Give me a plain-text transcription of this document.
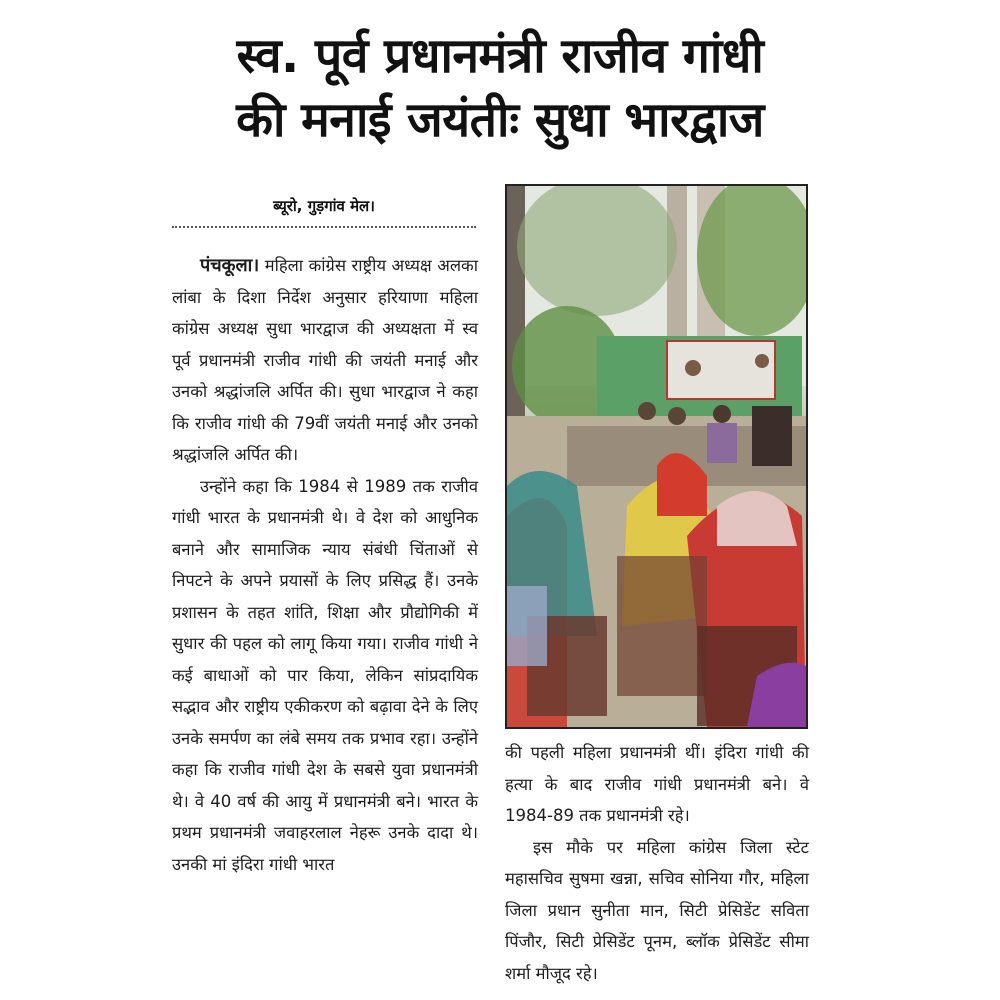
स्व. पूर्व प्रधानमंत्री राजीव गांधी
की मनाई जयंतीः सुधा भारद्वाज
ब्यूरो, गुड़गांव मेल।

पंचकूला। महिला कांग्रेस राष्ट्रीय अध्यक्ष अलका लांबा के दिशा निर्देश अनुसार हरियाणा महिला कांग्रेस अध्यक्ष सुधा भारद्वाज की अध्यक्षता में स्व पूर्व प्रधानमंत्री राजीव गांधी की जयंती मनाई और उनको श्रद्धांजलि अर्पित की। सुधा भारद्वाज ने कहा कि राजीव गांधी की 79वीं जयंती मनाई और उनको श्रद्धांजलि अर्पित की।

उन्होंने कहा कि 1984 से 1989 तक राजीव गांधी भारत के प्रधानमंत्री थे। वे देश को आधुनिक बनाने और सामाजिक न्याय संबंधी चिंताओं से निपटने के अपने प्रयासों के लिए प्रसिद्ध हैं। उनके प्रशासन के तहत शांति, शिक्षा और प्रौद्योगिकी में सुधार की पहल को लागू किया गया। राजीव गांधी ने कई बाधाओं को पार किया, लेकिन सांप्रदायिक सद्भाव और राष्ट्रीय एकीकरण को बढ़ावा देने के लिए उनके समर्पण का लंबे समय तक प्रभाव रहा। उन्होंने कहा कि राजीव गांधी देश के सबसे युवा प्रधानमंत्री थे। वे 40 वर्ष की आयु में प्रधानमंत्री बने। भारत के प्रथम प्रधानमंत्री जवाहरलाल नेहरू उनके दादा थे। उनकी मां इंदिरा गांधी भारत

की पहली महिला प्रधानमंत्री थीं। इंदिरा गांधी की हत्या के बाद राजीव गांधी प्रधानमंत्री बने। वे 1984-89 तक प्रधानमंत्री रहे।

इस मौके पर महिला कांग्रेस जिला स्टेट महासचिव सुषमा खन्ना, सचिव सोनिया गौर, महिला जिला प्रधान सुनीता मान, सिटी प्रेसिडेंट सविता पिंजौर, सिटी प्रेसिडेंट पूनम, ब्लॉक प्रेसिडेंट सीमा शर्मा मौजूद रहे।
